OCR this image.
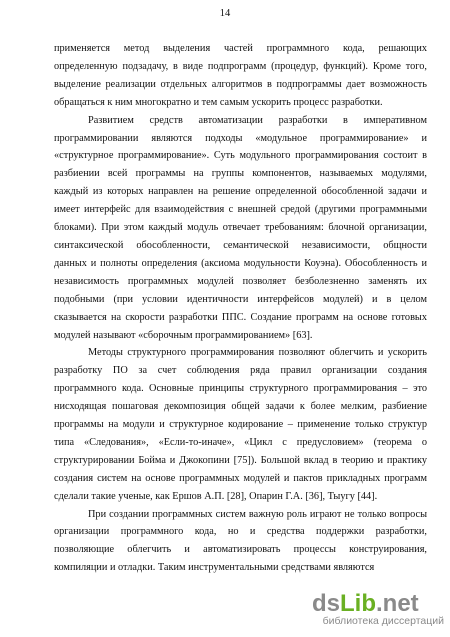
14
применяется метод выделения частей программного кода, решающих
определенную подзадачу, в виде подпрограмм (процедур, функций). Кроме того,
выделение реализации отдельных алгоритмов в подпрограммы дает возможность
обращаться к ним многократно и тем самым ускорить процесс разработки.
Развитием средств автоматизации разработки в императивном
программировании являются подходы «модульное программирование» и
«структурное программирование». Суть модульного программирования состоит в
разбиении всей программы на группы компонентов, называемых модулями,
каждый из которых направлен на решение определенной обособленной задачи и
имеет интерфейс для взаимодействия с внешней средой (другими программными
блоками). При этом каждый модуль отвечает требованиям: блочной организации,
синтаксической обособленности, семантической независимости, общности
данных и полноты определения (аксиома модульности Коуэна). Обособленность и
независимость программных модулей позволяет безболезненно заменять их
подобными (при условии идентичности интерфейсов модулей) и в целом
сказывается на скорости разработки ППС. Создание программ на основе готовых
модулей называют «сборочным программированием» [63].
Методы структурного программирования позволяют облегчить и ускорить
разработку ПО за счет соблюдения ряда правил организации создания
программного кода. Основные принципы структурного программирования – это
нисходящая пошаговая декомпозиция общей задачи к более мелким, разбиение
программы на модули и структурное кодирование – применение только структур
типа «Следования», «Если-то-иначе», «Цикл с предусловием» (теорема о
структурировании Бойма и Джокопини [75]). Большой вклад в теорию и практику
создания систем на основе программных модулей и пактов прикладных программ
сделали такие ученые, как Ершов А.П. [28], Опарин Г.А. [36], Тыугу [44].
При создании программных систем важную роль играют не только вопросы
организации программного кода, но и средства поддержки разработки,
позволяющие облегчить и автоматизировать процессы конструирования,
компиляции и отладки. Таким инструментальными средствами являются
ds Lib .net
библиотека диссертаций
